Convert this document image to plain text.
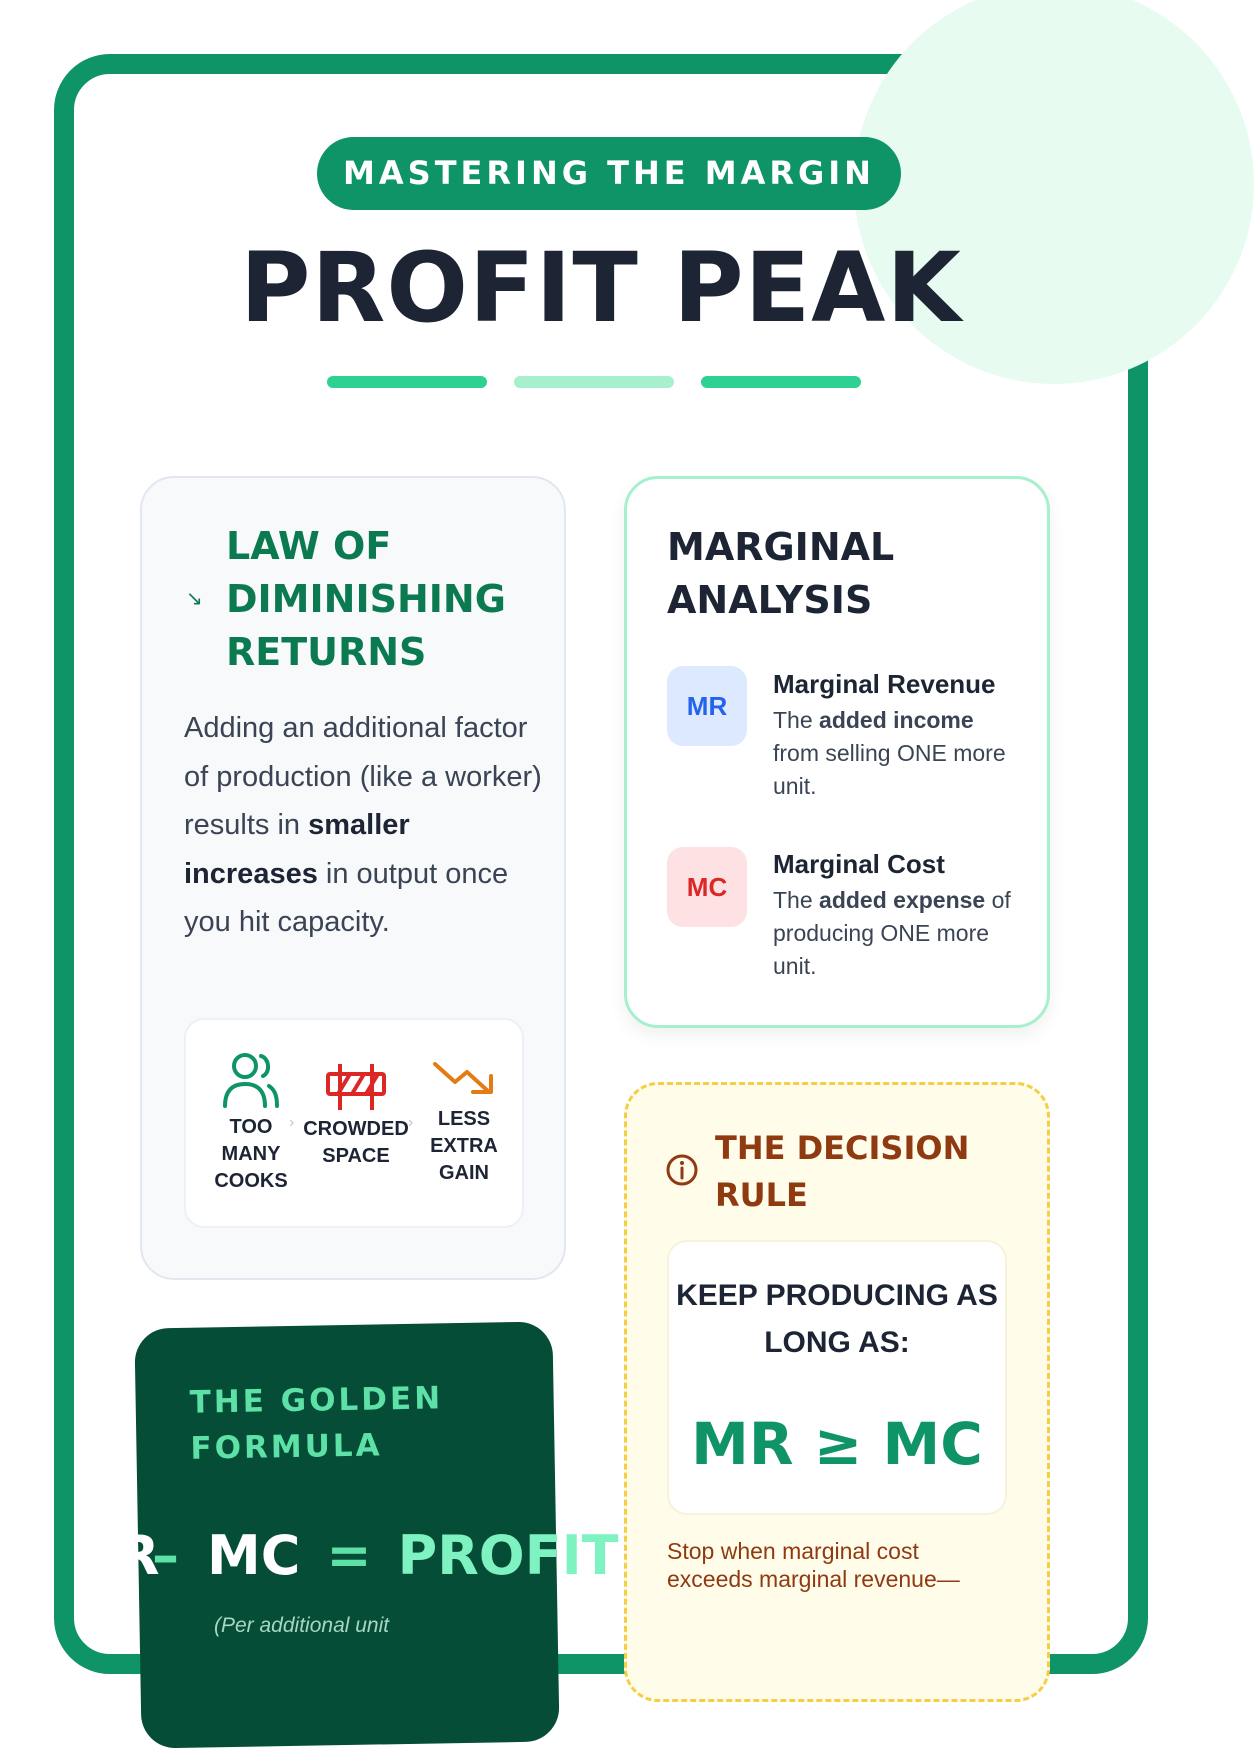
MASTERING THE MARGIN
PROFIT PEAK
↘
LAW OF DIMINISHING RETURNS
Adding an additional factor of production (like a worker) results in smaller increases in output once you hit capacity.
TOO MANY COOKS
› CROWDED SPACE
›	LESS EXTRA GAIN
MARGINAL ANALYSIS
MR
Marginal Revenue
The added income from selling ONE more unit.
MC
Marginal Cost
The added expense of producing ONE more unit.
THE DECISION RULE
KEEP PRODUCING AS LONG AS:
MR ≥ MC
Stop when marginal cost exceeds marginal revenue—
THE GOLDEN FORMULA
R– MC = PROFIT
(Per additional unit
